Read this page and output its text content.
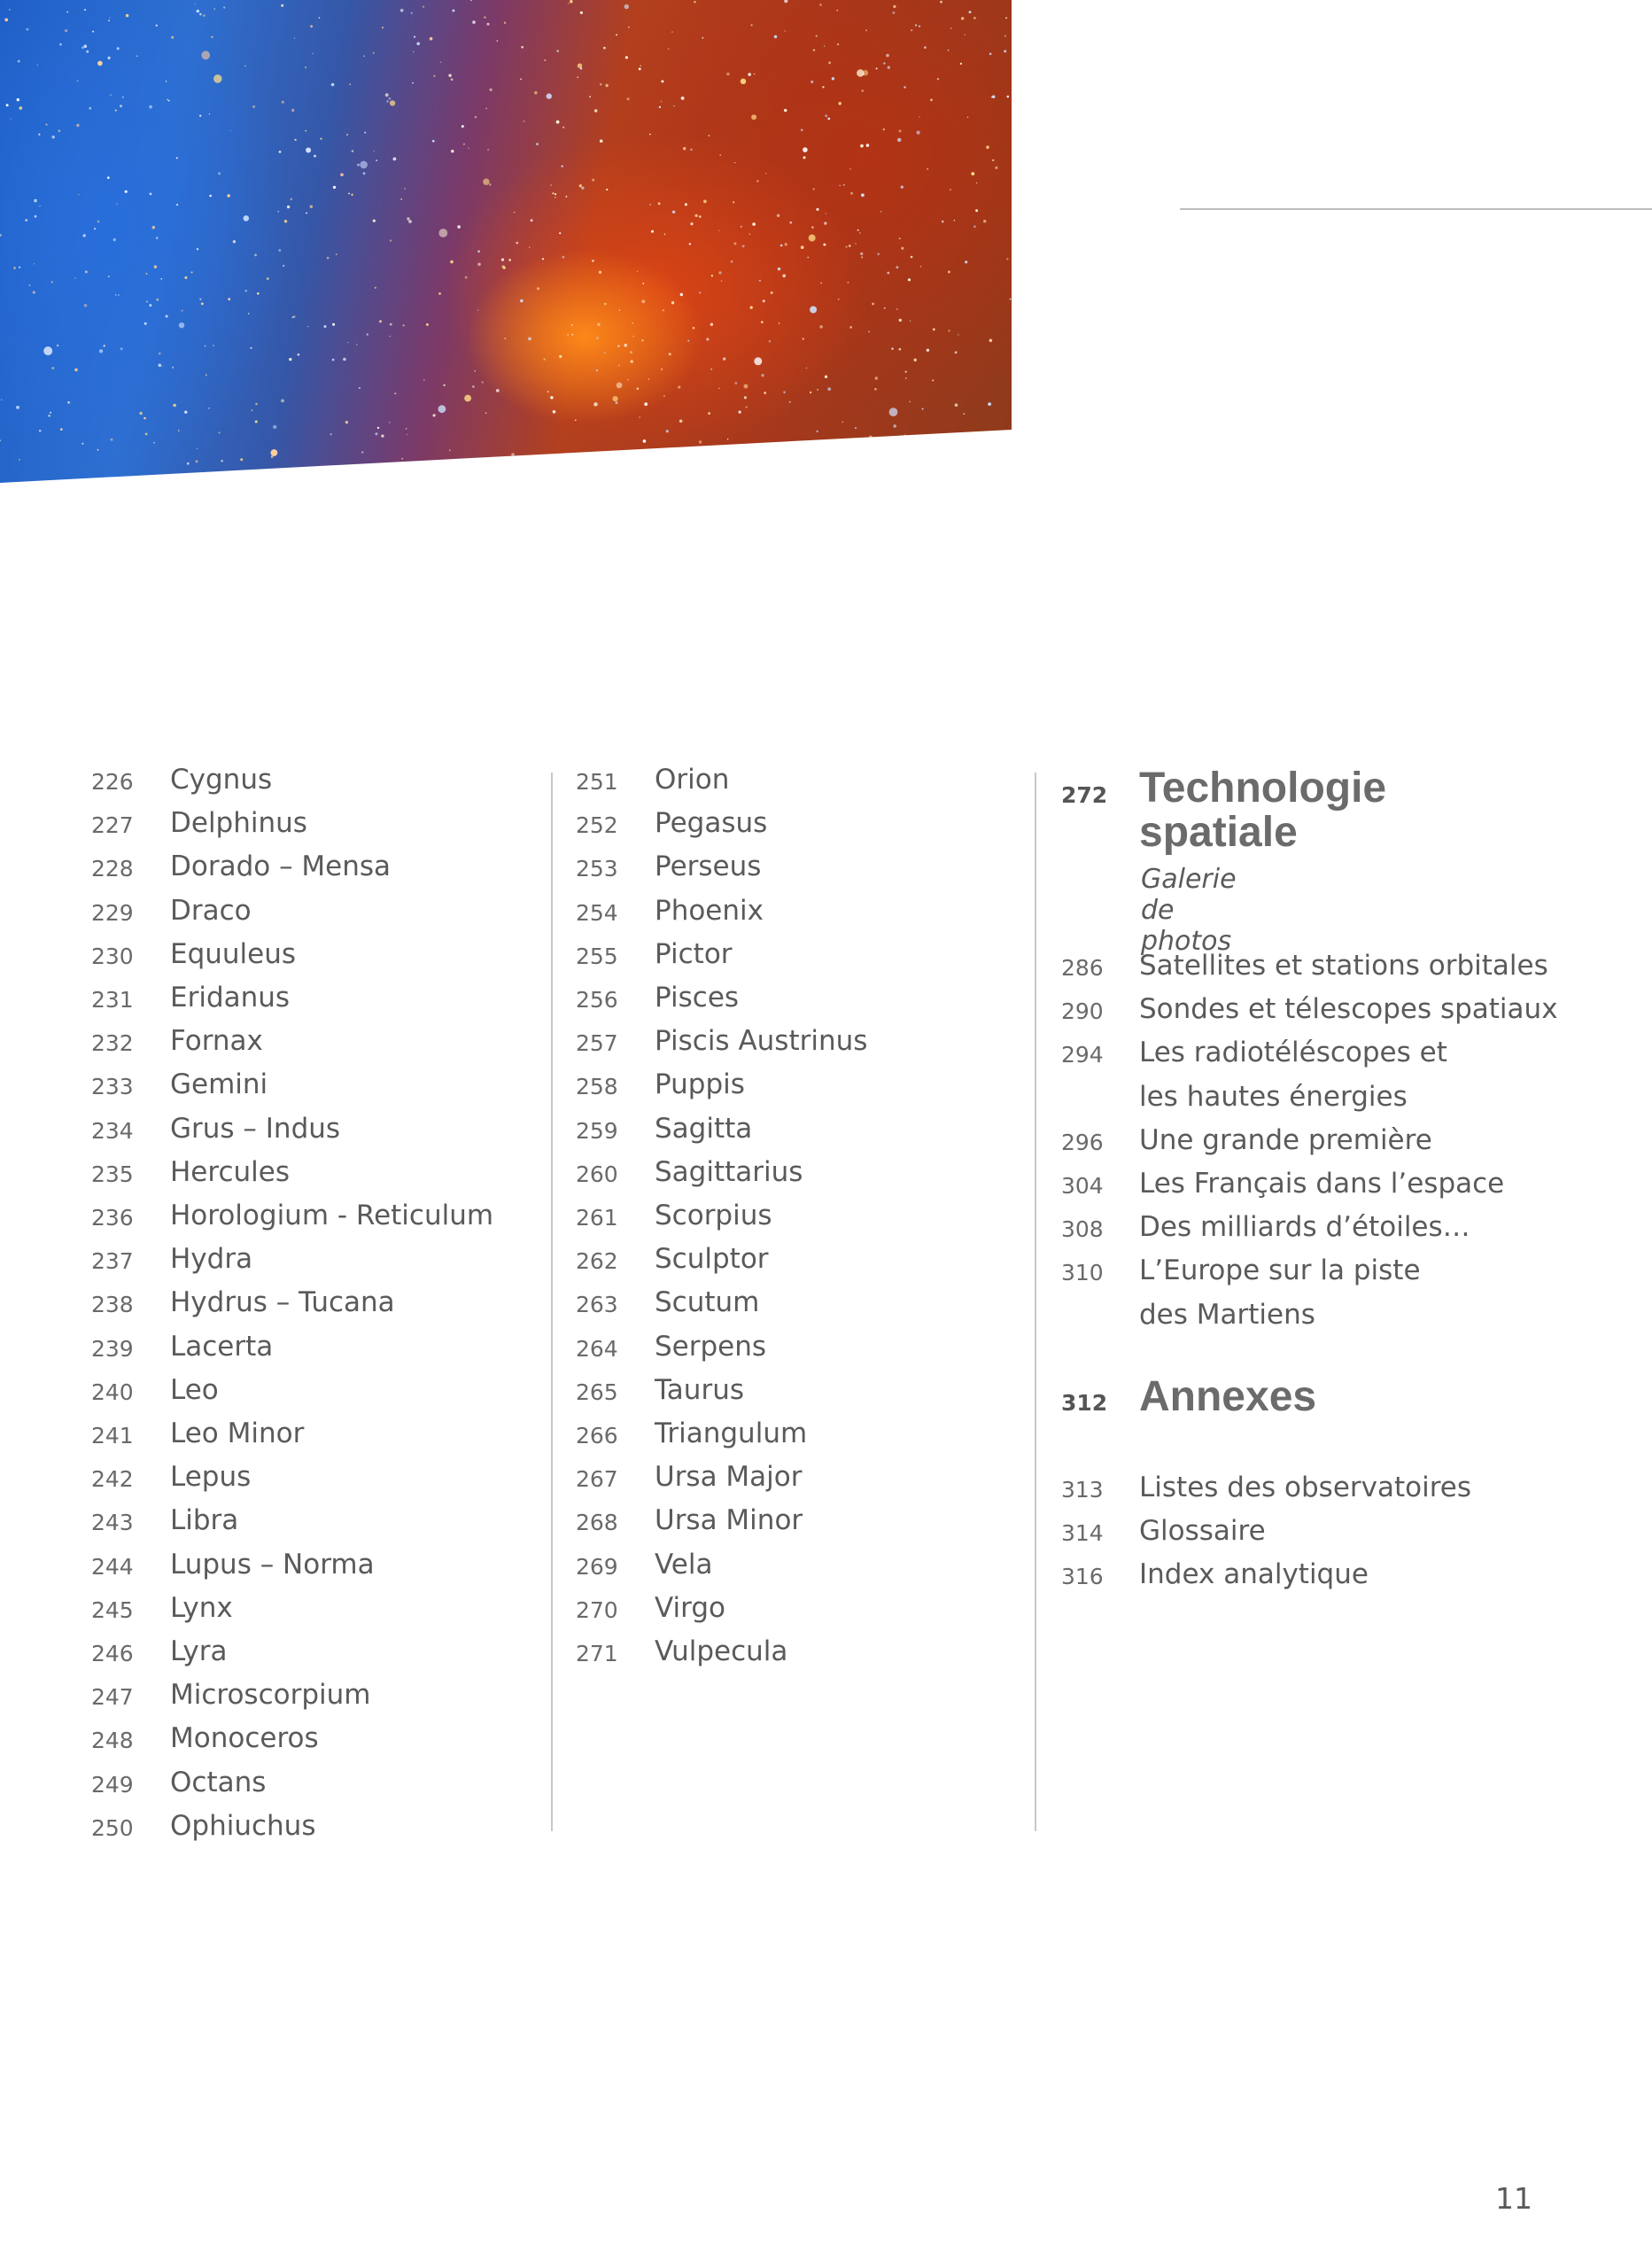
226 Cygnus
227 Delphinus
228 Dorado – Mensa
229 Draco
230 Equuleus
231 Eridanus
232 Fornax
233 Gemini
234 Grus – Indus
235 Hercules
236 Horologium - Reticulum
237 Hydra
238 Hydrus – Tucana
239 Lacerta
240 Leo
241 Leo Minor
242 Lepus
243 Libra
244 Lupus – Norma
245 Lynx
246 Lyra
247 Microscorpium
248 Monoceros
249 Octans
250 Ophiuchus
251 Orion
252 Pegasus
253 Perseus
254 Phoenix
255 Pictor
256 Pisces
257 Piscis Austrinus
258 Puppis
259 Sagitta
260 Sagittarius
261 Scorpius
262 Sculptor
263 Scutum
264 Serpens
265 Taurus
266 Triangulum
267 Ursa Major
268 Ursa Minor
269 Vela
270 Virgo
271 Vulpecula
272 Technologie
spatiale
Galerie de photos
286 Satellites et stations orbitales
290 Sondes et télescopes spatiaux
294 Les radiotéléscopes et
les hautes énergies
296 Une grande première
304 Les Français dans l’espace
308 Des milliards d’étoiles…
310 L’Europe sur la piste
des Martiens
312 Annexes
313 Listes des observatoires
314 Glossaire
316 Index analytique
11
